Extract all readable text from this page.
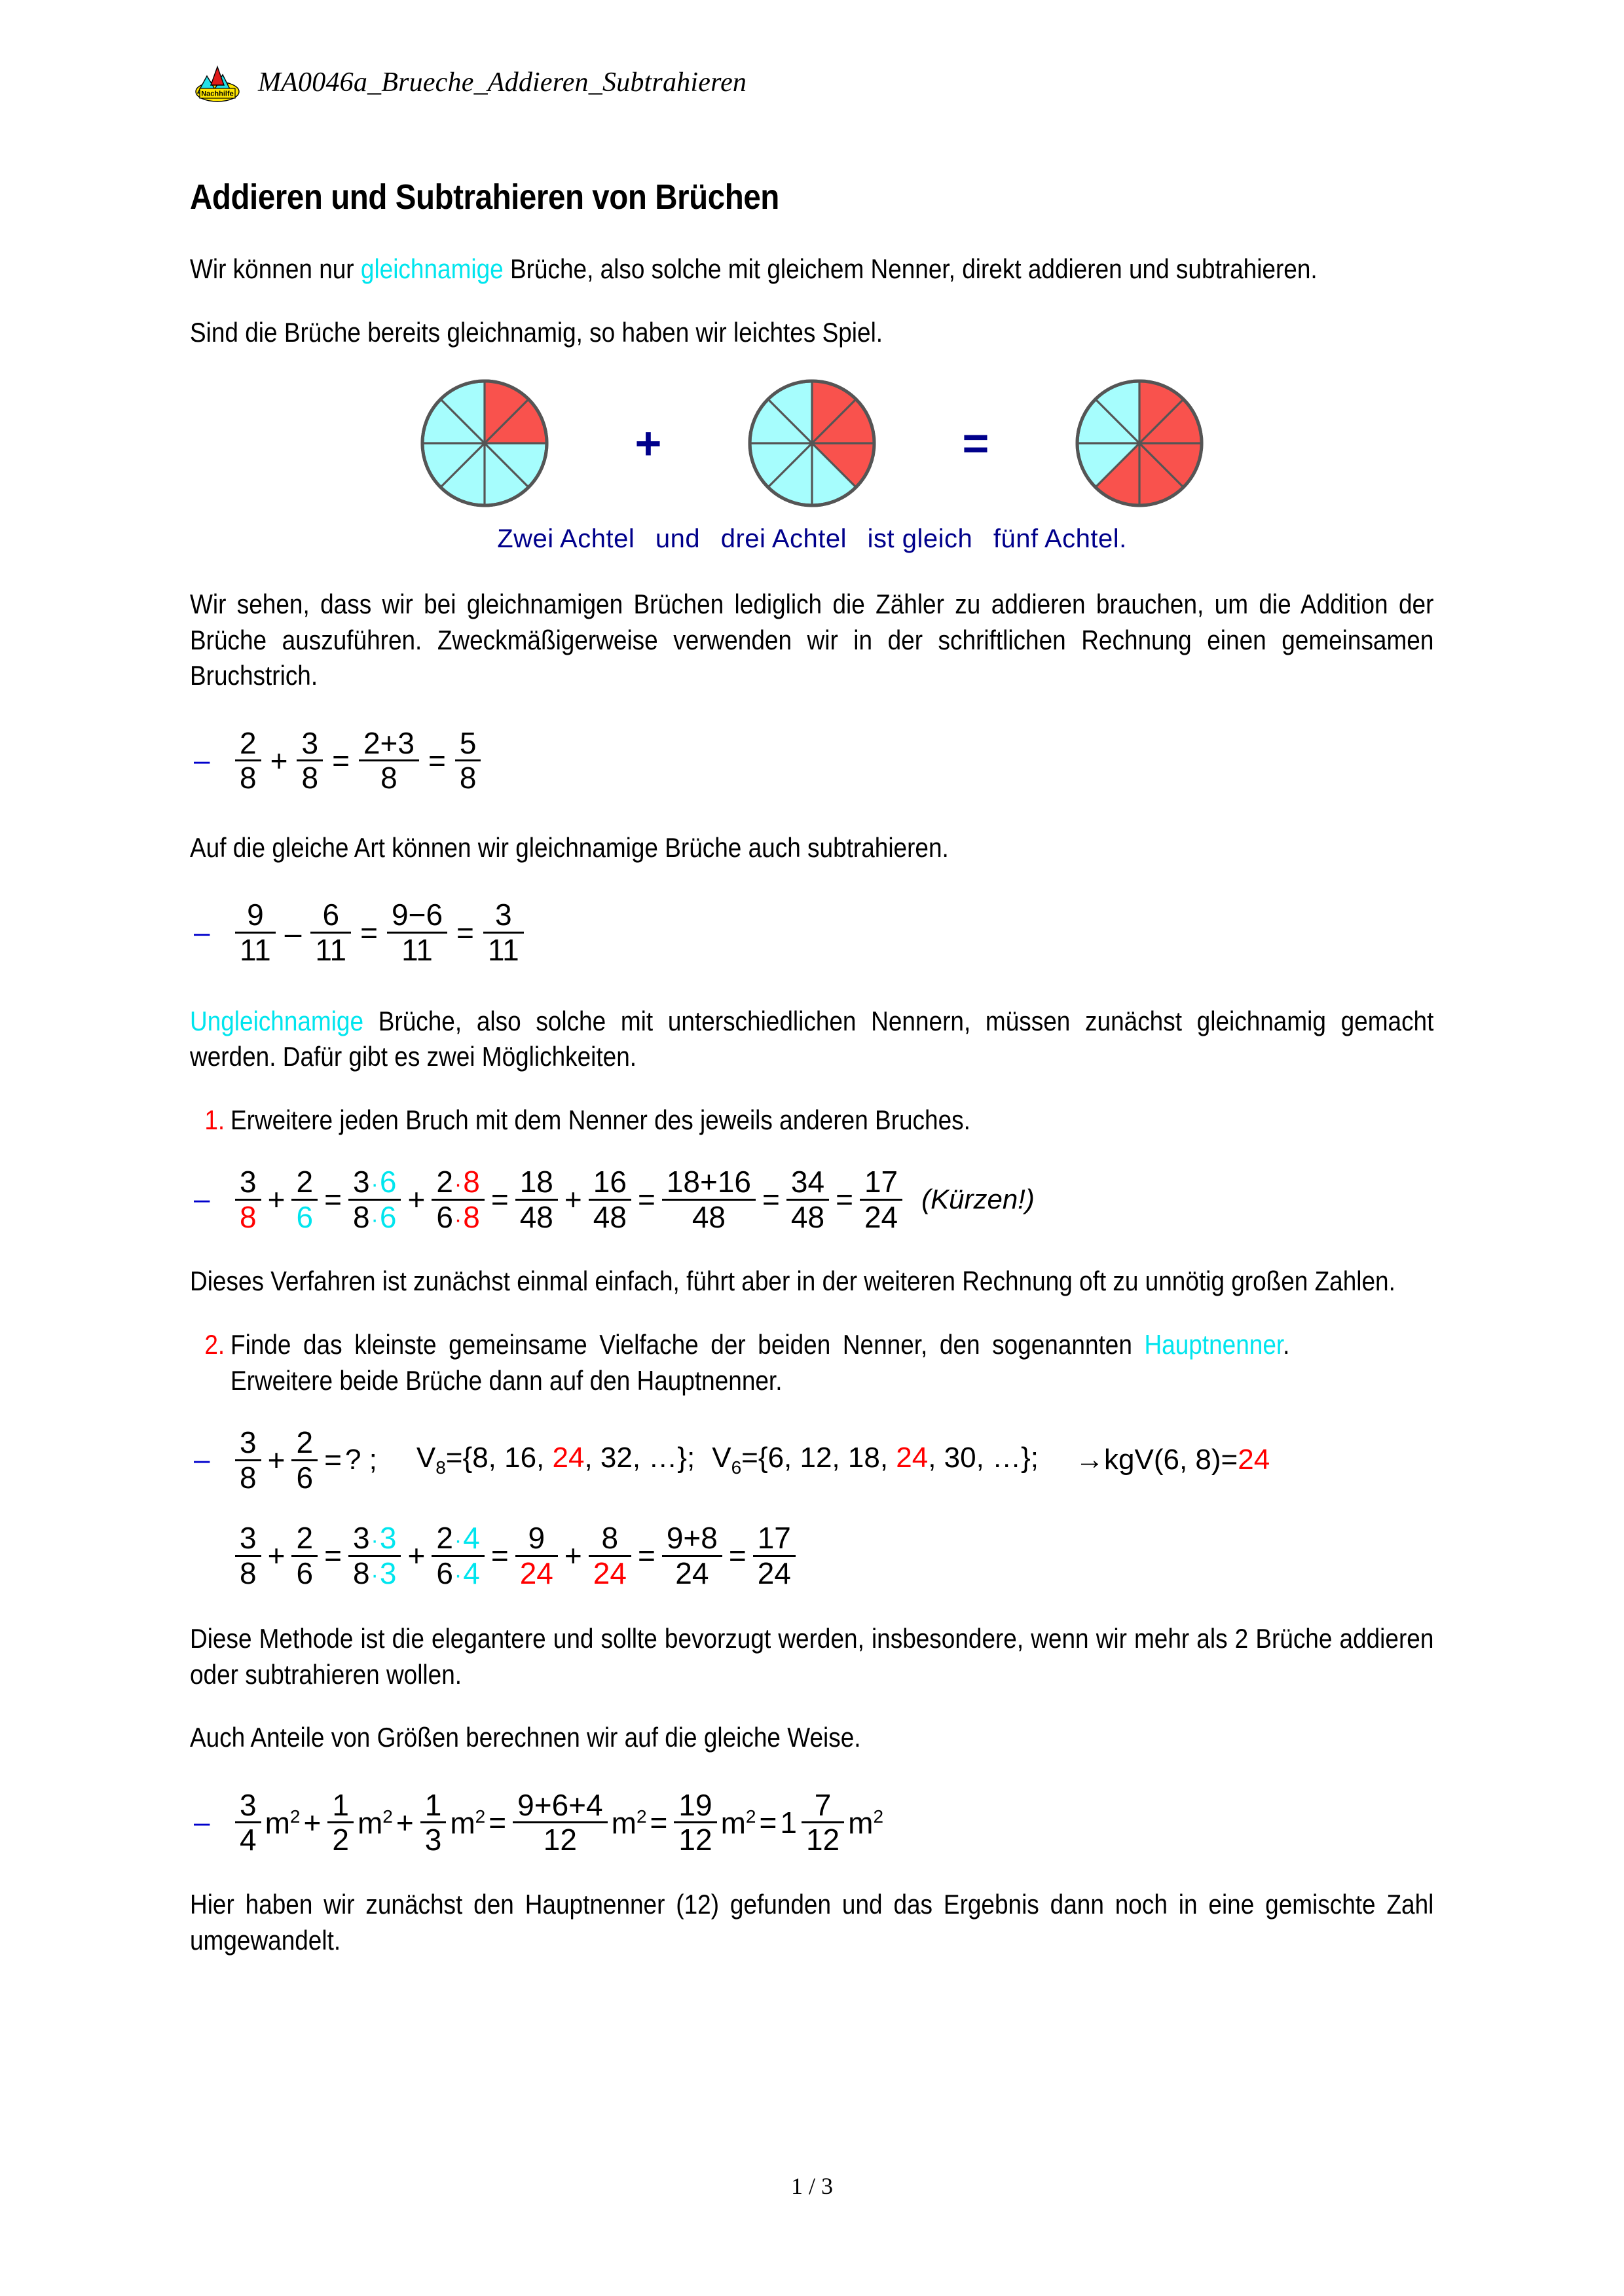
Nachhilfe MA0046a_Brueche_Addieren_Subtrahieren
Addieren und Subtrahieren von Brüchen

Wir können nur gleichnamige Brüche, also solche mit gleichem Nenner, direkt addieren und subtrahieren.

Sind die Brüche bereits gleichnamig, so haben wir leichtes Spiel.

+	=
Zwei Achtel und drei Achtel ist gleich fünf Achtel.

Wir sehen, dass wir bei gleichnamigen Brüchen lediglich die Zähler zu addieren brauchen, um die Addition der Brüche auszuführen. Zweckmäßigerweise verwenden wir in der schriftlichen Rechnung einen gemeinsamen Bruchstrich.

– $\frac{2}{8} + \frac{3}{8} = \frac{2+3}{8} = \frac{5}{8}$

Auf die gleiche Art können wir gleichnamige Brüche auch subtrahieren.

– $\frac{9}{11} - \frac{6}{11} = \frac{9-6}{11} = \frac{3}{11}$

Ungleichnamige Brüche, also solche mit unterschiedlichen Nennern, müssen zunächst gleichnamig gemacht werden. Dafür gibt es zwei Möglichkeiten.

1. Erweitere jeden Bruch mit dem Nenner des jeweils anderen Bruches.
– $\frac{3}{8} + \frac{2}{6} = \frac{3\cdot 6}{8\cdot 6} + \frac{2\cdot 8}{6\cdot 8} = \frac{18}{48} + \frac{16}{48} = \frac{18+16}{48} = \frac{34}{48} = \frac{17}{24}$ (Kürzen!)

Dieses Verfahren ist zunächst einmal einfach, führt aber in der weiteren Rechnung oft zu unnötig großen Zahlen.

2. Finde das kleinste gemeinsame Vielfache der beiden Nenner, den sogenannten Hauptnenner. Erweitere beide Brüche dann auf den Hauptnenner.
– $\frac{3}{8} + \frac{2}{6}$ = ? ; $V_8=\{8$, 16, 24, 32, …}; $V_6=\{6$, 12, 18, 24, 30, …}; → kgV(6, 8) = 24
$\frac{3}{8} + \frac{2}{6} = \frac{3\cdot 3}{8\cdot 3} + \frac{2\cdot 4}{6\cdot 4} = \frac{9}{24} + \frac{8}{24} = \frac{9+8}{24} = \frac{17}{24}$

Diese Methode ist die elegantere und sollte bevorzugt werden, insbesondere, wenn wir mehr als 2 Brüche addieren oder subtrahieren wollen.

Auch Anteile von Größen berechnen wir auf die gleiche Weise.

– $\frac{3}{4} m^2 + \frac{1}{2} m^2 + \frac{1}{3} m^2 = \frac{9+6+4}{12} m^2 = \frac{19}{12} m^2 = 1 \frac{7}{12} m^2$

Hier haben wir zunächst den Hauptnenner (12) gefunden und das Ergebnis dann noch in eine gemischte Zahl umgewandelt.

1 / 3
